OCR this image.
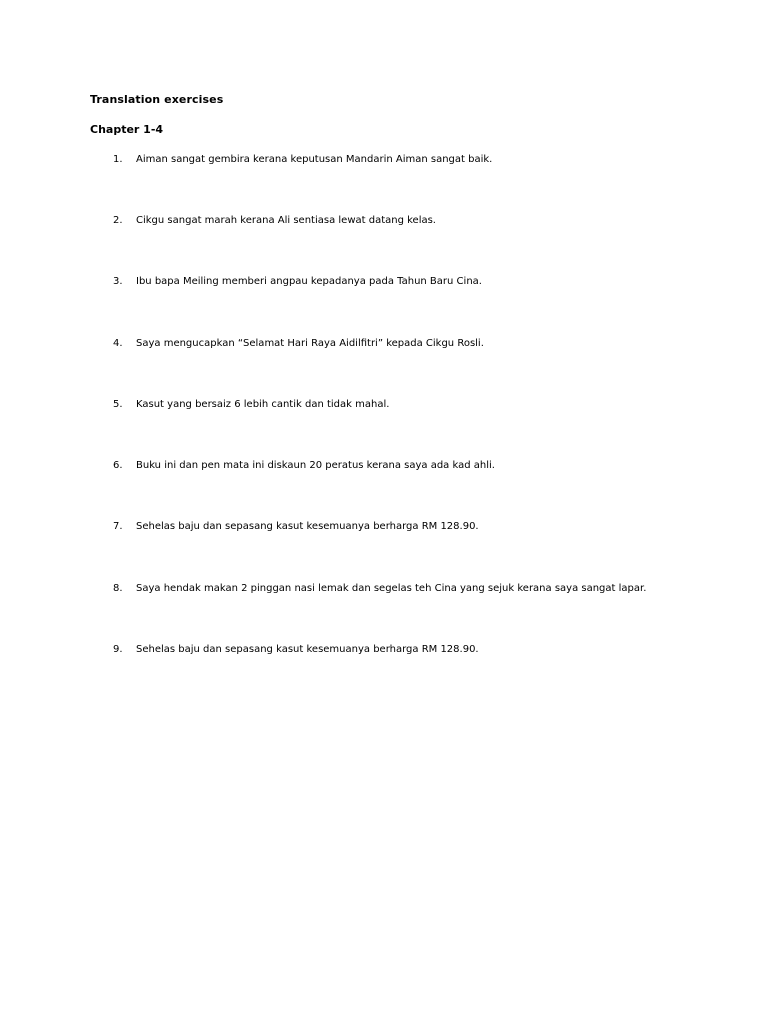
Translation exercises
Chapter 1-4
1. Aiman sangat gembira kerana keputusan Mandarin Aiman sangat baik.
2. Cikgu sangat marah kerana Ali sentiasa lewat datang kelas.
3. Ibu bapa Meiling memberi angpau kepadanya pada Tahun Baru Cina.
4. Saya mengucapkan “Selamat Hari Raya Aidilfitri” kepada Cikgu Rosli.
5. Kasut yang bersaiz 6 lebih cantik dan tidak mahal.
6. Buku ini dan pen mata ini diskaun 20 peratus kerana saya ada kad ahli.
7. Sehelas baju dan sepasang kasut kesemuanya berharga RM 128.90.
8. Saya hendak makan 2 pinggan nasi lemak dan segelas teh Cina yang sejuk kerana saya sangat lapar.
9. Sehelas baju dan sepasang kasut kesemuanya berharga RM 128.90.
